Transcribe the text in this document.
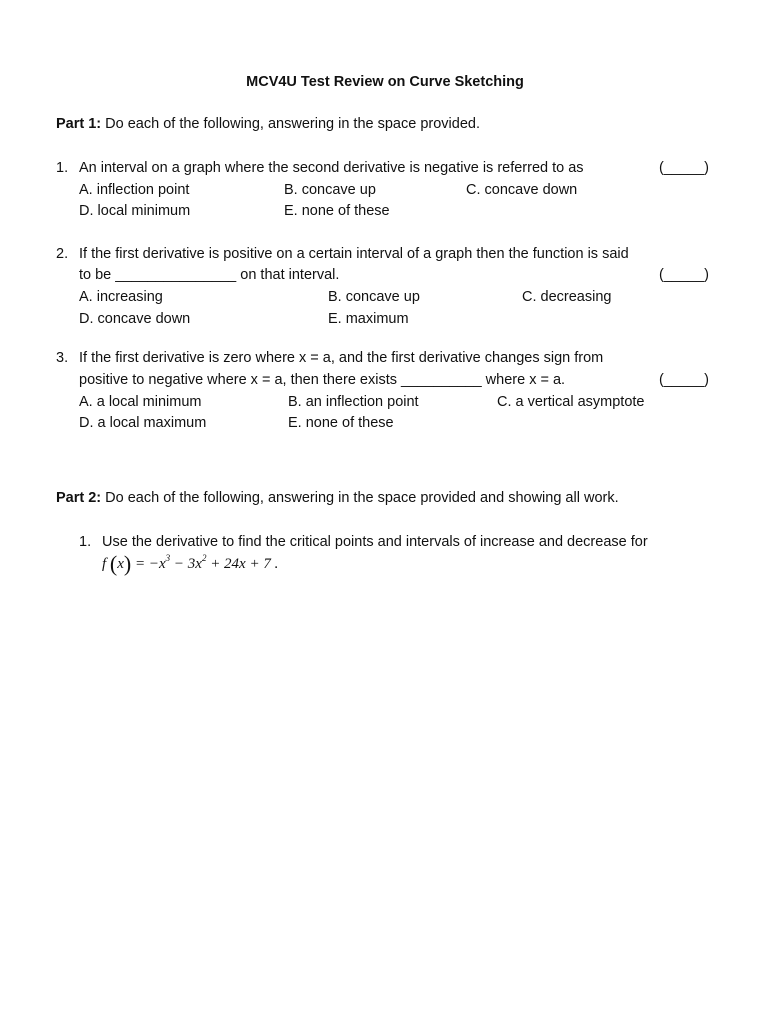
MCV4U Test Review on Curve Sketching
Part 1: Do each of the following, answering in the space provided.
1. An interval on a graph where the second derivative is negative is referred to as	(_____)
A. inflection point	B. concave up	C. concave down
D. local minimum	E. none of these
2. If the first derivative is positive on a certain interval of a graph then the function is said
to be _______________ on that interval.	(_____)
A. increasing	B. concave up	C. decreasing
D. concave down	E. maximum
3. If the first derivative is zero where x = a, and the first derivative changes sign from
positive to negative where x = a, then there exists __________ where x = a.	(_____)
A. a local minimum	B. an inflection point	C. a vertical asymptote
D. a local maximum	E. none of these
Part 2: Do each of the following, answering in the space provided and showing all work.
1. Use the derivative to find the critical points and intervals of increase and decrease for
f $(x) = -x^3 - 3x^2 + 24x + 7$ .
